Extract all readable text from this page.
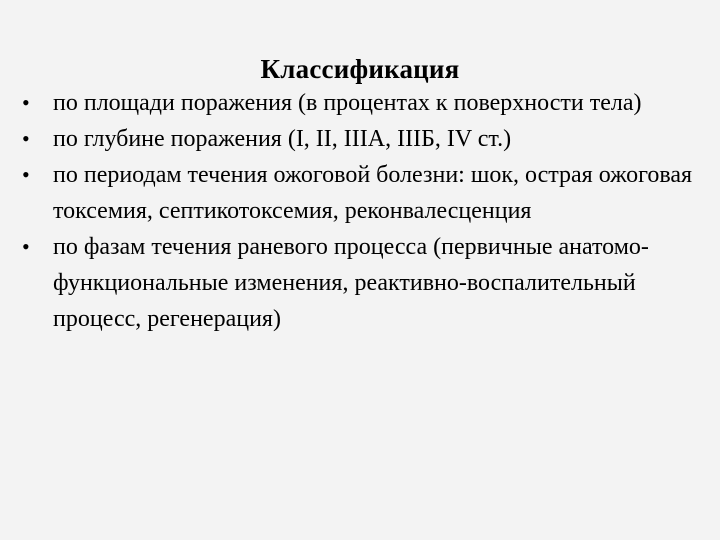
Классификация
• по площади поражения (в процентах к поверхности тела)
• по глубине поражения (I, II, IIIA, IIIБ, IV ст.)
• по периодам течения ожоговой болезни: шок, острая ожоговая токсемия, септикотоксемия, реконвалесценция
• по фазам течения раневого процесса (первичные анатомо-функциональные изменения, реактивно-воспалительный процесс, регенерация)
